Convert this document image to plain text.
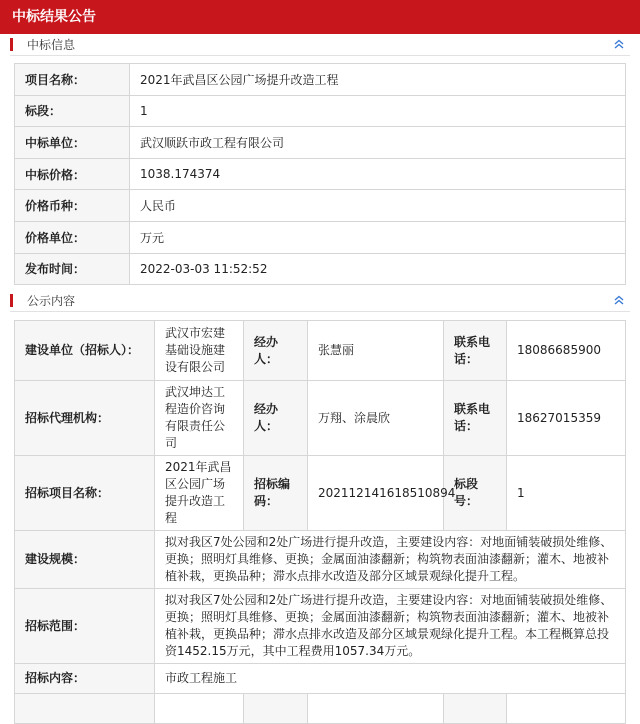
中标结果公告
中标信息
项目名称：	2021年武昌区公园广场提升改造工程
标段：	1
中标单位：	武汉顺跃市政工程有限公司
中标价格：	1038.174374
价格币种：	人民币
价格单位：	万元
发布时间：	2022-03-03 11:52:52
公示内容
建设单位（招标人）：	武汉市宏建基础设施建设有限公司	经办人：	张慧丽	联系电话：	18086685900
招标代理机构：	武汉坤达工程造价咨询有限责任公司	经办人：	万翔、涂晨欣	联系电话：	18627015359
招标项目名称：	2021年武昌区公园广场提升改造工程	招标编码：	202112141618510894	标段号：	1
建设规模：	拟对我区7处公园和2处广场进行提升改造，主要建设内容：对地面铺装破损处维修、更换；照明灯具维修、更换；金属面油漆翻新；构筑物表面油漆翻新；灌木、地被补植补栽，更换品种；滞水点排水改造及部分区域景观绿化提升工程。				
招标范围：	拟对我区7处公园和2处广场进行提升改造，主要建设内容：对地面铺装破损处维修、更换；照明灯具维修、更换；金属面油漆翻新；构筑物表面油漆翻新；灌木、地被补植补栽，更换品种；滞水点排水改造及部分区域景观绿化提升工程。本工程概算总投资1452.15万元，其中工程费用1057.34万元。				
招标内容：	市政工程施工				
